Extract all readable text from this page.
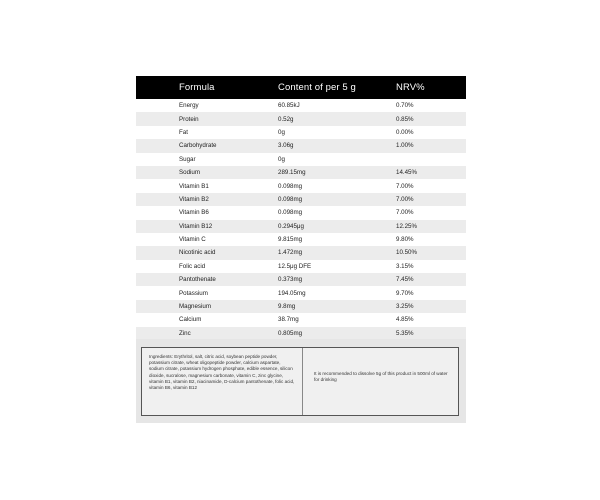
Formula	Content of per 5 g	NRV%
Energy	60.85kJ	0.70%
Protein	0.52g	0.85%
Fat	0g	0.00%
Carbohydrate	3.06g	1.00%
Sugar	0g
Sodium	289.15mg	14.45%
Vitamin B1	0.098mg	7.00%
Vitamin B2	0.098mg	7.00%
Vitamin B6	0.098mg	7.00%
Vitamin B12	0.2945μg	12.25%
Vitamin C	9.815mg	9.80%
Nicotinic acid	1.472mg	10.50%
Folic acid	12.5μg DFE	3.15%
Pantothenate	0.373mg	7.45%
Potassium	194.05mg	9.70%
Magnesium	9.8mg	3.25%
Calcium	38.7mg	4.85%
Zinc	0.805mg	5.35%
Ingredients: Erythritol, salt, citric acid, soybean peptide powder, potassium citrate, wheat oligopeptide powder, calcium aspartate, sodium citrate, potassium hydrogen phosphate, edible essence, silicon dioxide, sucralose, magnesium carbonate, vitamin C, zinc glycine, vitamin B1, vitamin B2, niacinamide, D-calcium pantothenate, folic acid, vitamin B6, vitamin B12
It is recommended to dissolve 5g of this product in 500ml of water for drinking
